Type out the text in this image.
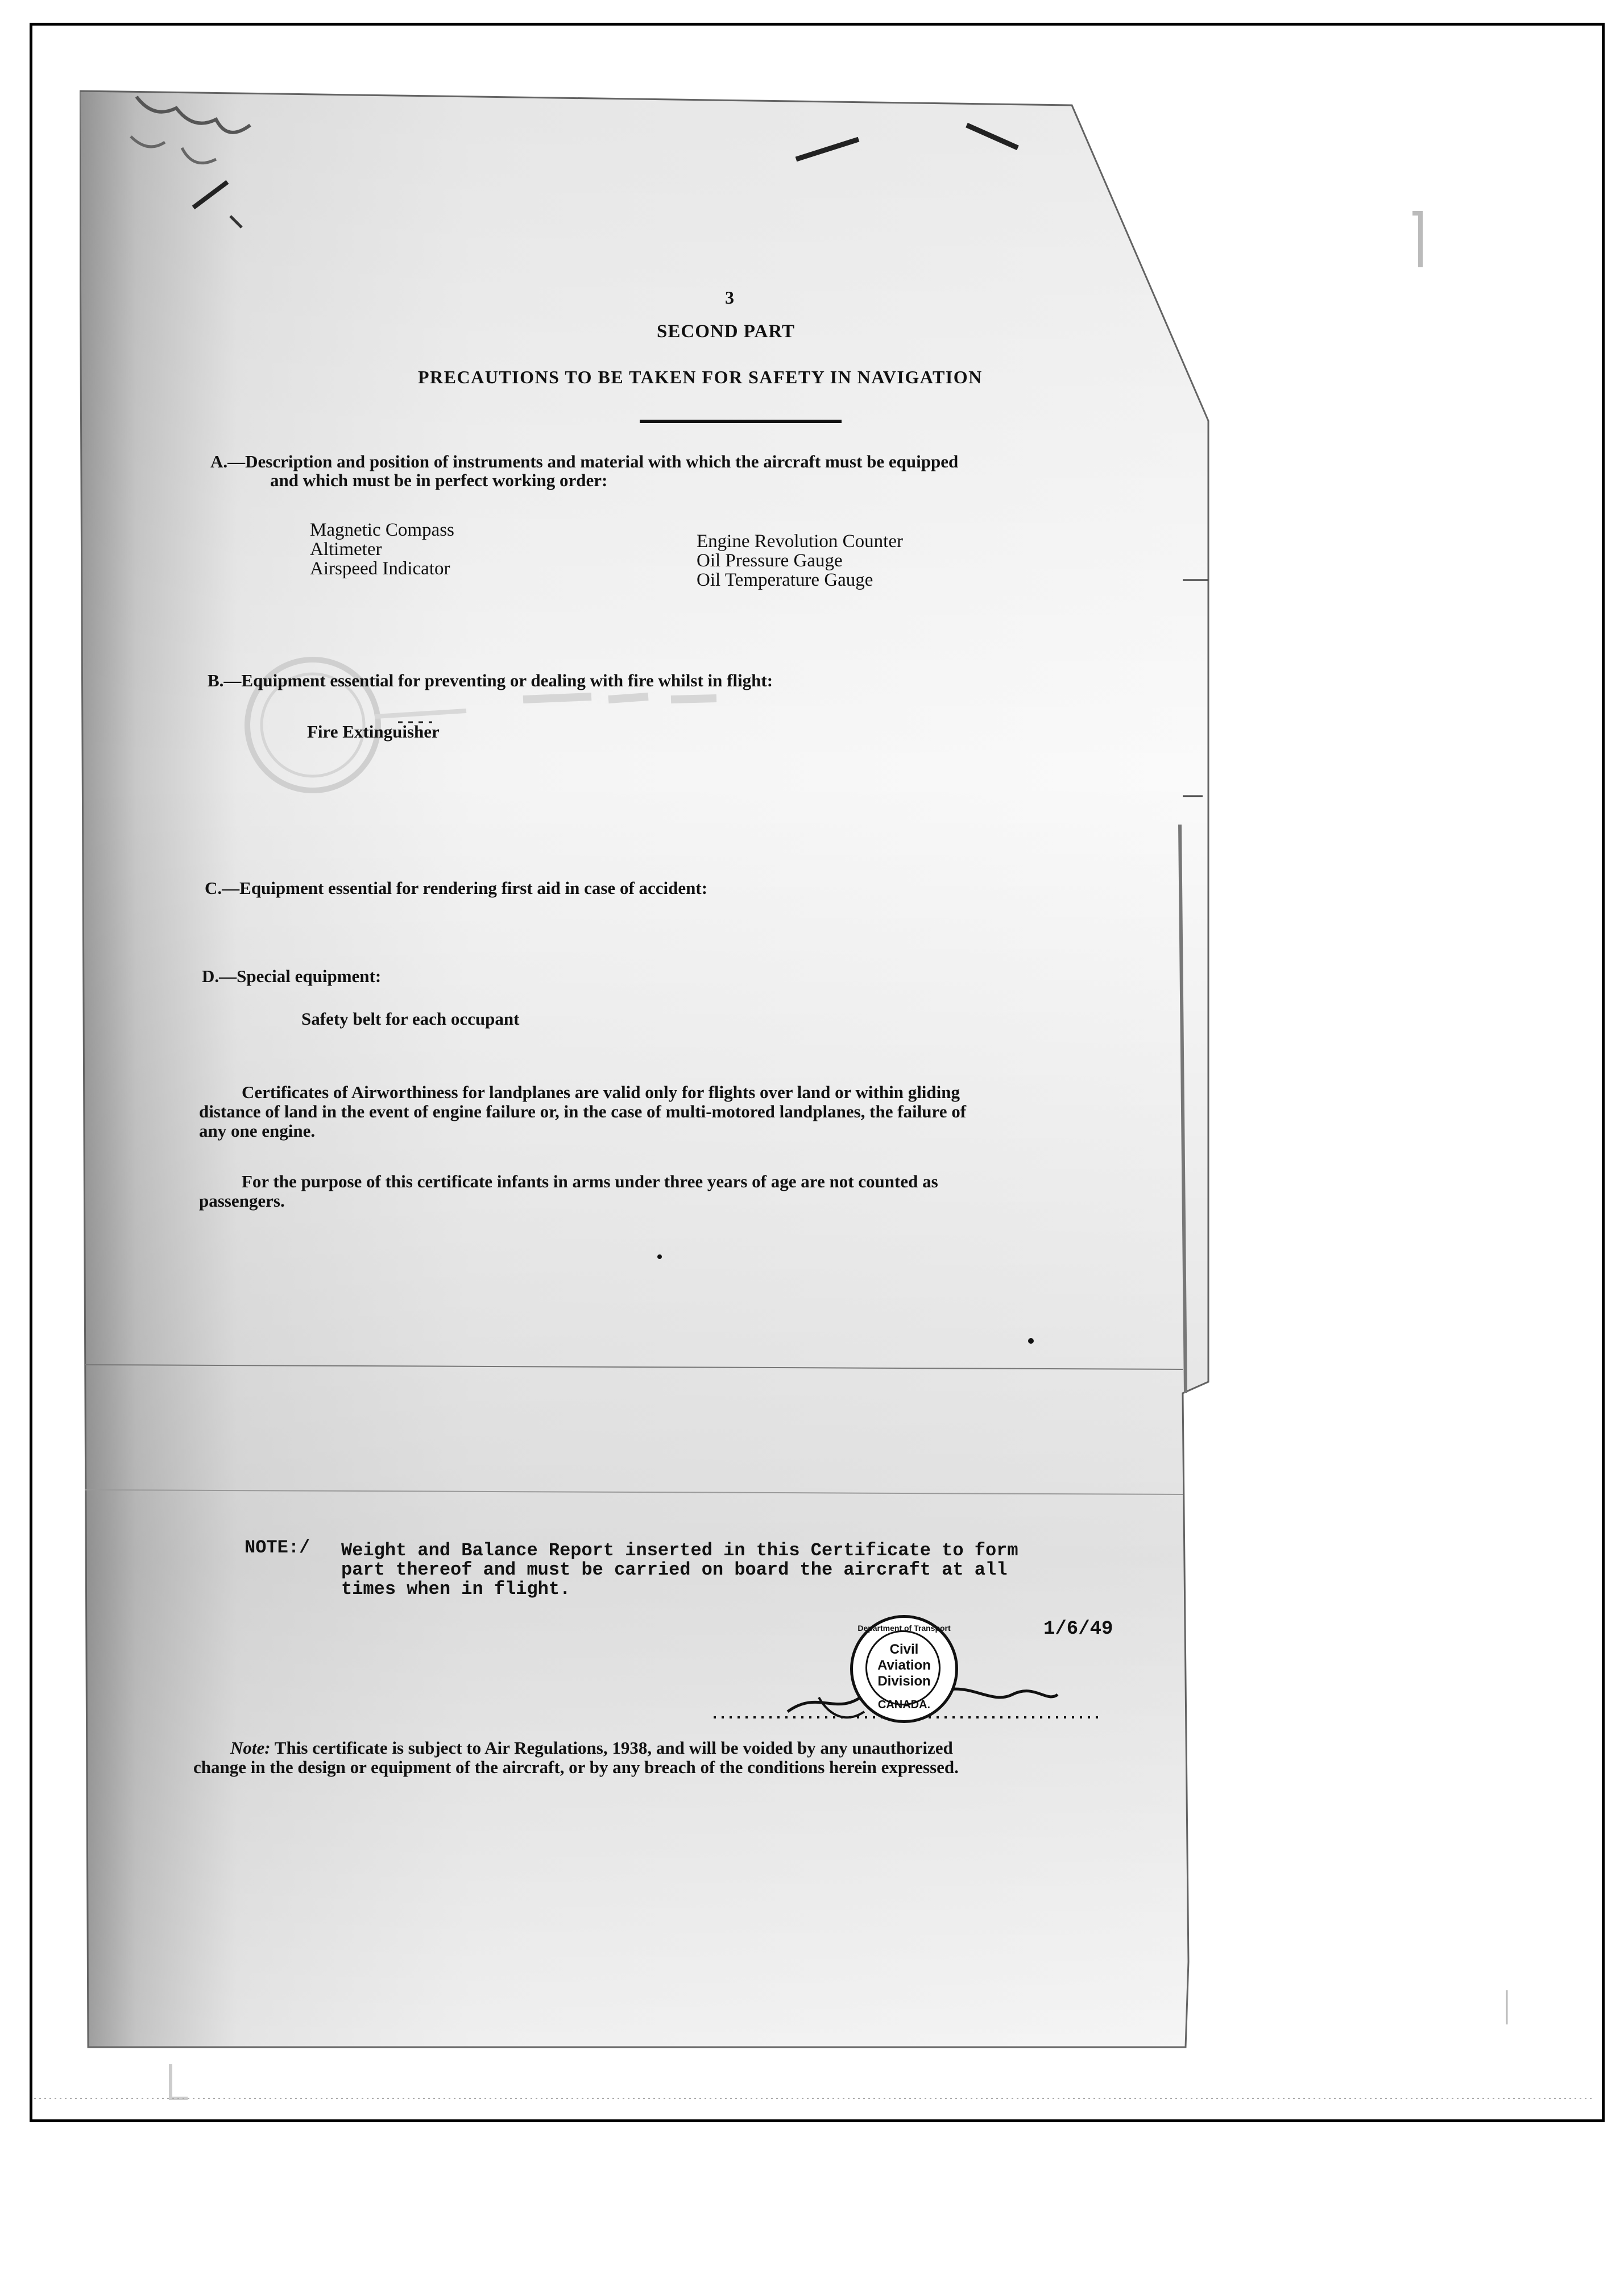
3
SECOND PART
PRECAUTIONS TO BE TAKEN FOR SAFETY IN NAVIGATION
A.—Description and position of instruments and material with which the aircraft must be equipped
and which must be in perfect working order:
Magnetic Compass
Altimeter
Airspeed Indicator
Engine Revolution Counter
Oil Pressure Gauge
Oil Temperature Gauge
B.—Equipment essential for preventing or dealing with fire whilst in flight:
Fire Extinguisher
C.—Equipment essential for rendering first aid in case of accident:
D.—Special equipment:
Safety belt for each occupant
Certificates of Airworthiness for landplanes are valid only for flights over land or within gliding
distance of land in the event of engine failure or, in the case of multi-motored landplanes, the failure of
any one engine.
For the purpose of this certificate infants in arms under three years of age are not counted as
passengers.
NOTE:/ Weight and Balance Report inserted in this Certificate to form
part thereof and must be carried on board the aircraft at all
times when in flight.
1/6/49
Department of Transport
Civil
Aviation
Division
CANADA.
Note: This certificate is subject to Air Regulations, 1938, and will be voided by any unauthorized
change in the design or equipment of the aircraft, or by any breach of the conditions herein expressed.
